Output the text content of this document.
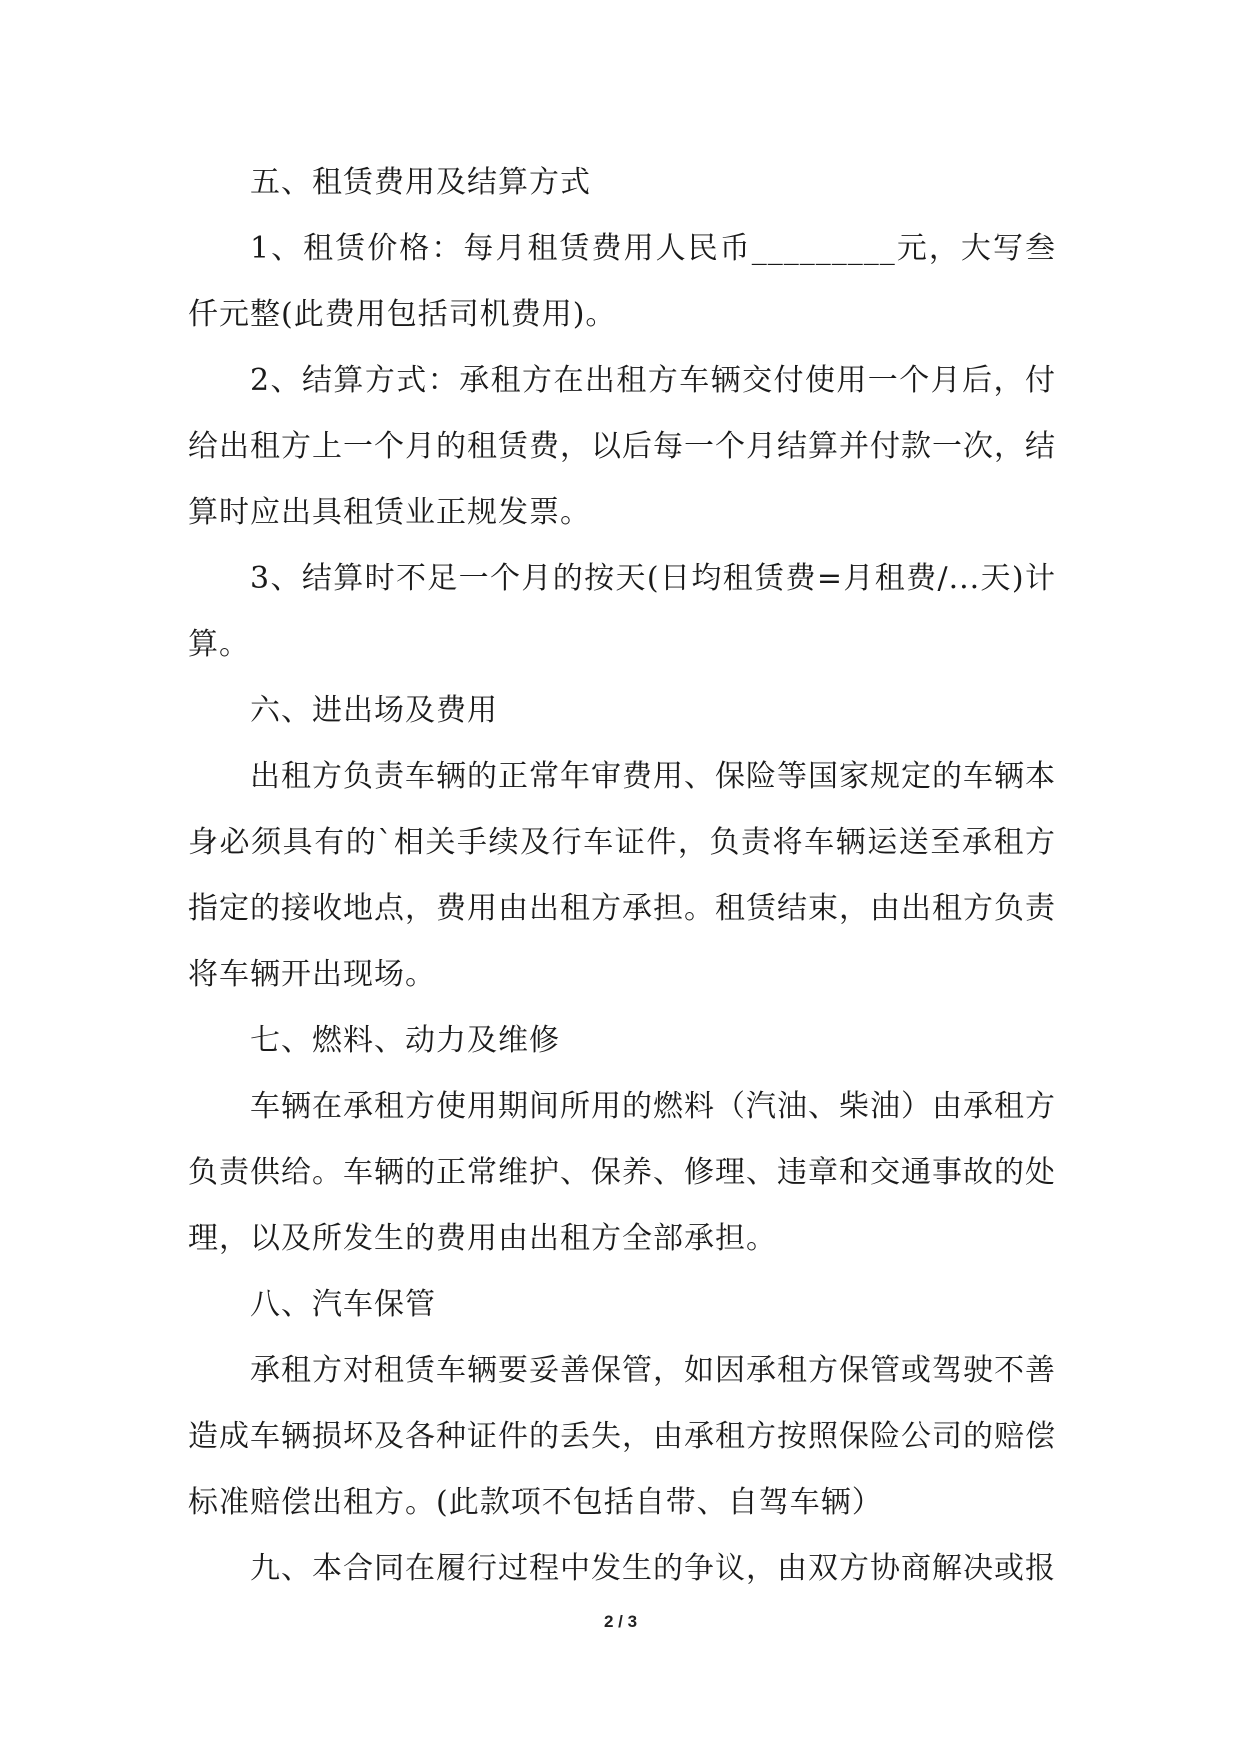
五、租赁费用及结算方式

1、租赁价格：每月租赁费用人民币_________元，大写叁仟元整(此费用包括司机费用)。

2、结算方式：承租方在出租方车辆交付使用一个月后，付给出租方上一个月的租赁费，以后每一个月结算并付款一次，结算时应出具租赁业正规发票。

3、结算时不足一个月的按天(日均租赁费=月租费/...天)计算。

六、进出场及费用

出租方负责车辆的正常年审费用、保险等国家规定的车辆本身必须具有的`相关手续及行车证件，负责将车辆运送至承租方指定的接收地点，费用由出租方承担。租赁结束，由出租方负责将车辆开出现场。

七、燃料、动力及维修

车辆在承租方使用期间所用的燃料（汽油、柴油）由承租方负责供给。车辆的正常维护、保养、修理、违章和交通事故的处理，以及所发生的费用由出租方全部承担。

八、汽车保管

承租方对租赁车辆要妥善保管，如因承租方保管或驾驶不善造成车辆损坏及各种证件的丢失，由承租方按照保险公司的赔偿标准赔偿出租方。(此款项不包括自带、自驾车辆）

九、本合同在履行过程中发生的争议，由双方协商解决或报

2 / 3
